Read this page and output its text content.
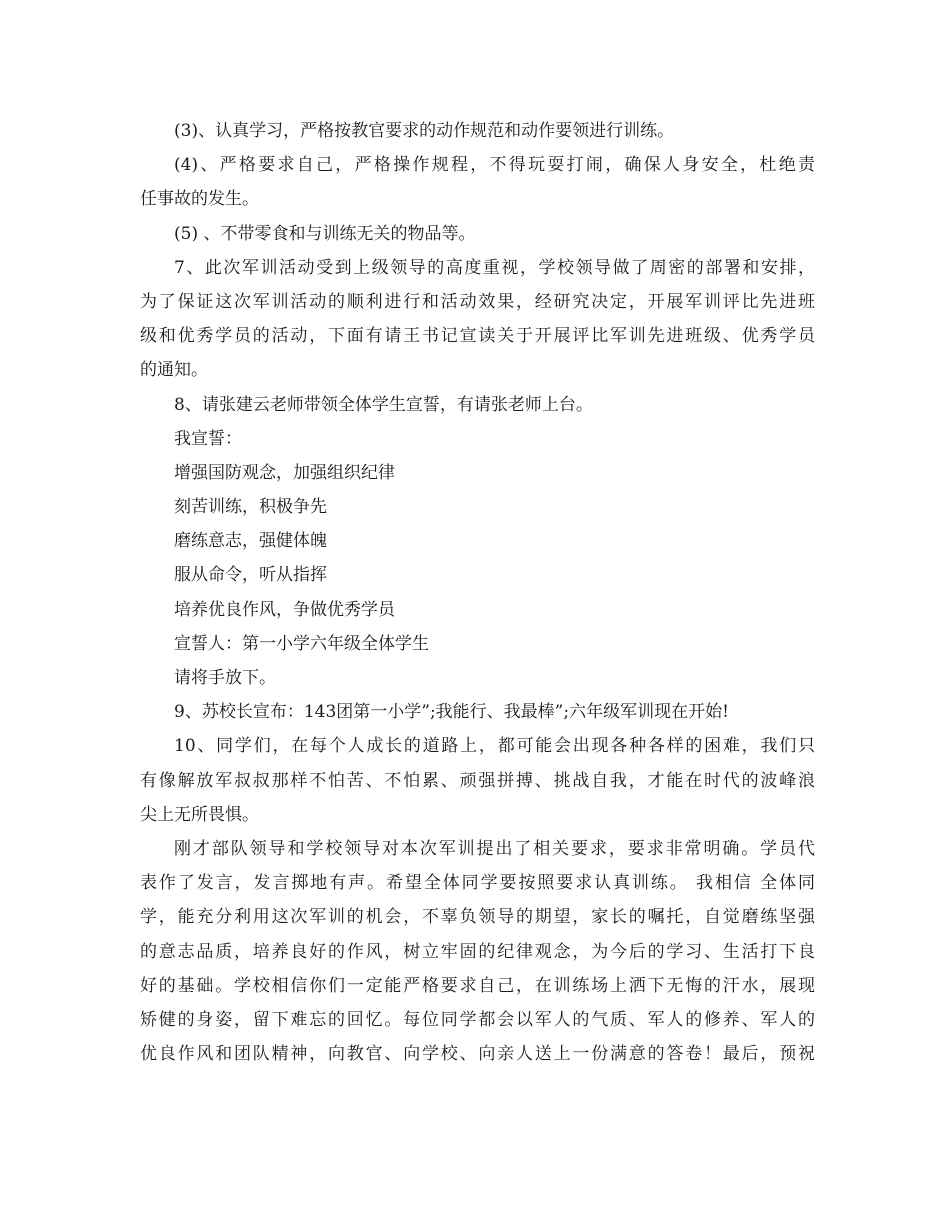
(3)、认真学习，严格按教官要求的动作规范和动作要领进行训练。
(4)、严格要求自己，严格操作规程，不得玩耍打闹，确保人身安全，杜绝责
任事故的发生。
(5) 、不带零食和与训练无关的物品等。
7、此次军训活动受到上级领导的高度重视，学校领导做了周密的部署和安排，
为了保证这次军训活动的顺利进行和活动效果，经研究决定，开展军训评比先进班
级和优秀学员的活动，下面有请王书记宣读关于开展评比军训先进班级、优秀学员
的通知。
8、请张建云老师带领全体学生宣誓，有请张老师上台。
我宣誓：
增强国防观念，加强组织纪律
刻苦训练，积极争先
磨练意志，强健体魄
服从命令，听从指挥
培养优良作风，争做优秀学员
宣誓人：第一小学六年级全体学生
请将手放下。
9、苏校长宣布：143团第一小学”;我能行、我最棒”;六年级军训现在开始!
10、同学们，在每个人成长的道路上，都可能会出现各种各样的困难，我们只
有像解放军叔叔那样不怕苦、不怕累、顽强拼搏、挑战自我，才能在时代的波峰浪
尖上无所畏惧。
刚才部队领导和学校领导对本次军训提出了相关要求，要求非常明确。学员代
表作了发言，发言掷地有声。希望全体同学要按照要求认真训练。 我相信 全体同
学，能充分利用这次军训的机会，不辜负领导的期望，家长的嘱托，自觉磨练坚强
的意志品质，培养良好的作风，树立牢固的纪律观念，为今后的学习、生活打下良
好的基础。学校相信你们一定能严格要求自己，在训练场上洒下无悔的汗水，展现
矫健的身姿，留下难忘的回忆。每位同学都会以军人的气质、军人的修养、军人的
优良作风和团队精神，向教官、向学校、向亲人送上一份满意的答卷！最后，预祝
